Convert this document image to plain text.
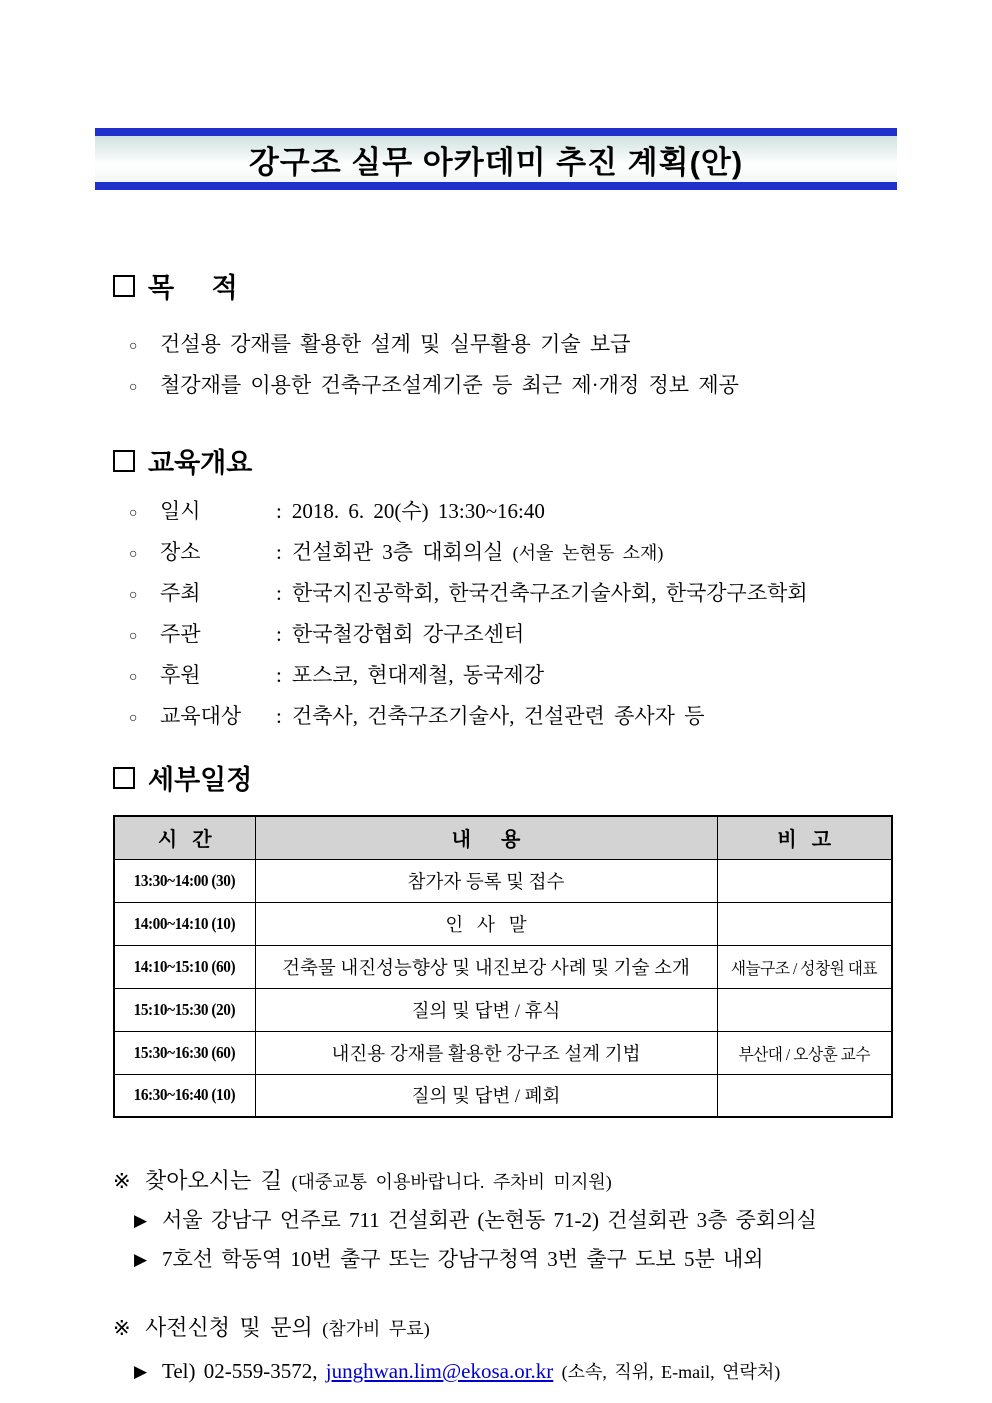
강구조 실무 아카데미 추진 계획(안)
목     적
○ 건설용 강재를 활용한 설계 및 실무활용 기술 보급
○ 철강재를 이용한 건축구조설계기준 등 최근 제·개정 정보 제공
교육개요
○ 일시	: 2018. 6. 20(수) 13:30~16:40
○ 장소	: 건설회관 3층 대회의실 (서울 논현동 소재)
○ 주최	: 한국지진공학회, 한국건축구조기술사회, 한국강구조학회
○ 주관	: 한국철강협회 강구조센터
○ 후원	: 포스코, 현대제철, 동국제강
○ 교육대상 : 건축사, 건축구조기술사, 건설관련 종사자 등
세부일정
시   간	내      용	비   고
13:30~14:00 (30)	참가자 등록 및 접수	
14:00~14:10 (10)	인   사   말	
14:10~15:10 (60)	건축물 내진성능향상 및 내진보강 사례 및 기술 소개	새늘구조 / 성창원 대표
15:10~15:30 (20)	질의 및 답변 / 휴식	
15:30~16:30 (60)	내진용 강재를 활용한 강구조 설계 기법	부산대 / 오상훈 교수
16:30~16:40 (10)	질의 및 답변 / 폐회	
※ 찾아오시는 길 (대중교통 이용바랍니다. 주차비 미지원)
▶ 서울 강남구 언주로 711 건설회관 (논현동 71-2) 건설회관 3층 중회의실
▶ 7호선 학동역 10번 출구 또는 강남구청역 3번 출구 도보 5분 내외
※ 사전신청 및 문의 (참가비 무료)
▶ Tel) 02-559-3572, junghwan.lim@ekosa.or.kr (소속, 직위, E-mail, 연락처)
